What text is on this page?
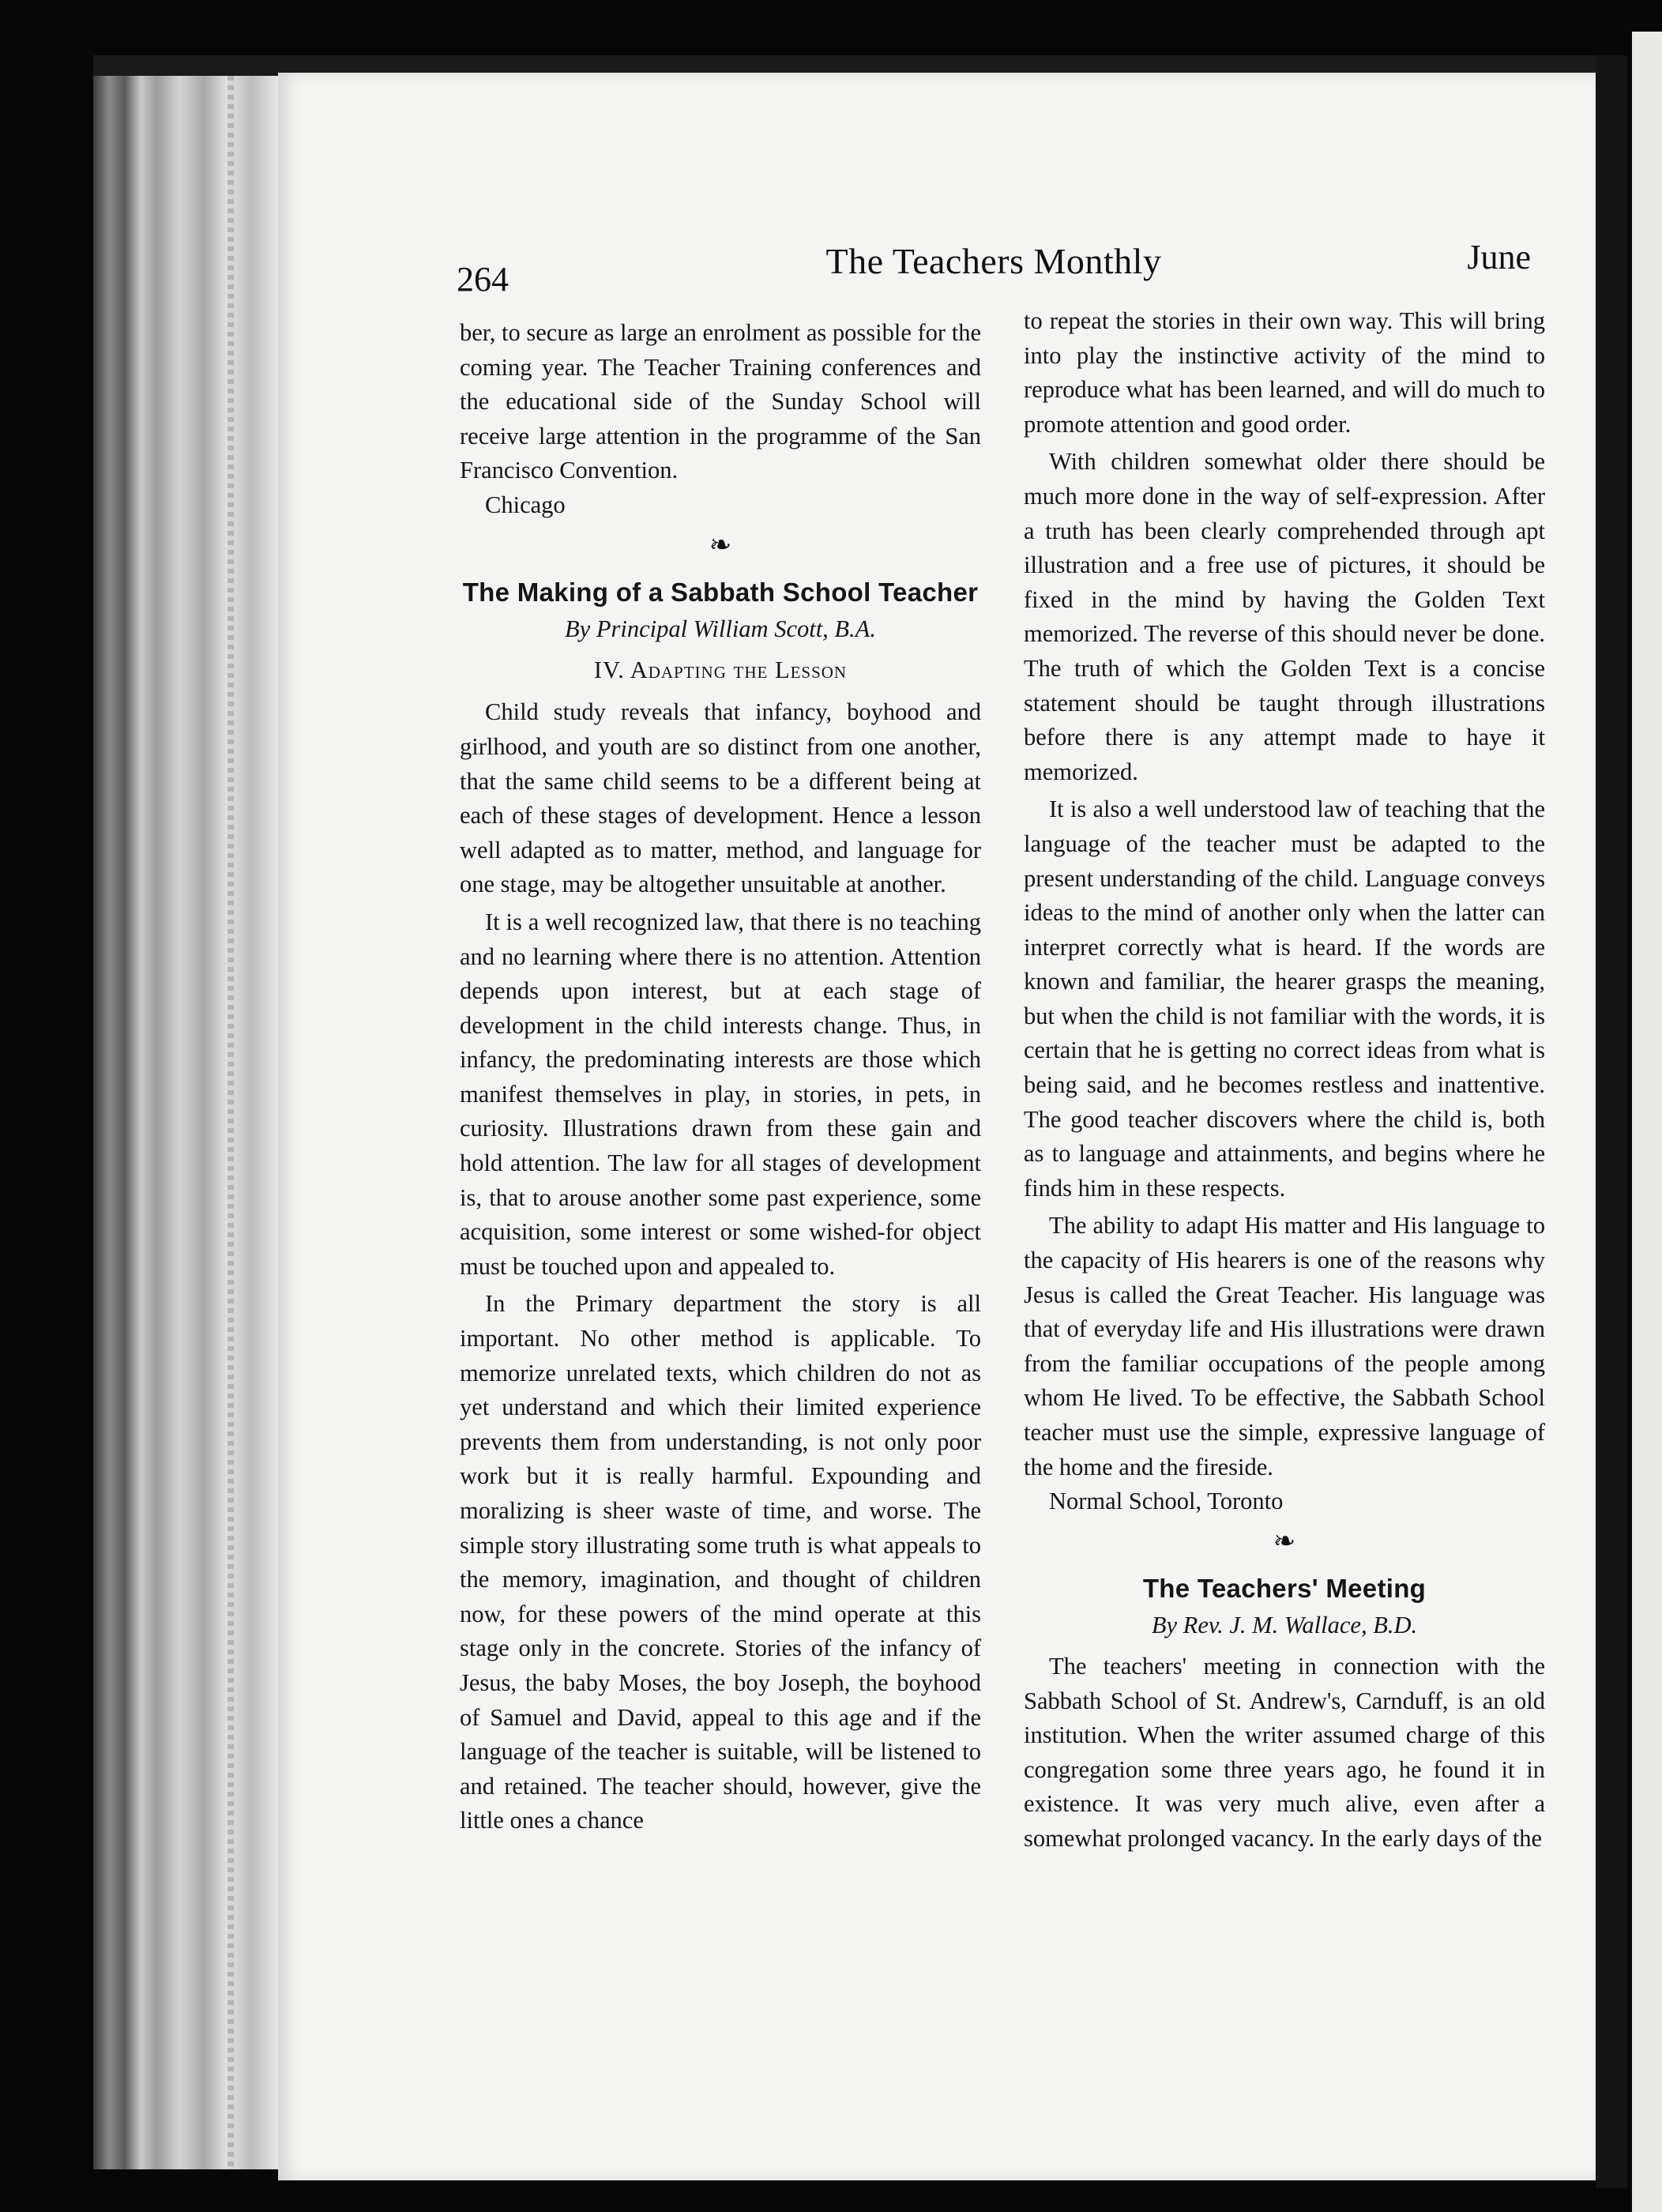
264	The Teachers Monthly	June

ber, to secure as large an enrolment as possible for the coming year. The Teacher Training conferences and the educational side of the Sunday School will receive large attention in the programme of the San Francisco Convention.

Chicago

❧
The Making of a Sabbath School Teacher
By Principal William Scott, B.A.
IV. Adapting the Lesson

Child study reveals that infancy, boyhood and girlhood, and youth are so distinct from one another, that the same child seems to be a different being at each of these stages of development. Hence a lesson well adapted as to matter, method, and language for one stage, may be altogether unsuitable at another.

It is a well recognized law, that there is no teaching and no learning where there is no attention. Attention depends upon interest, but at each stage of development in the child interests change. Thus, in infancy, the predominating interests are those which manifest themselves in play, in stories, in pets, in curiosity. Illustrations drawn from these gain and hold attention. The law for all stages of development is, that to arouse another some past experience, some acquisition, some interest or some wished-for object must be touched upon and appealed to.

In the Primary department the story is all important. No other method is applicable. To memorize unrelated texts, which children do not as yet understand and which their limited experience prevents them from understanding, is not only poor work but it is really harmful. Expounding and moralizing is sheer waste of time, and worse. The simple story illustrating some truth is what appeals to the memory, imagination, and thought of children now, for these powers of the mind operate at this stage only in the concrete. Stories of the infancy of Jesus, the baby Moses, the boy Joseph, the boyhood of Samuel and David, appeal to this age and if the language of the teacher is suitable, will be listened to and retained. The teacher should, however, give the little ones a chance

to repeat the stories in their own way. This will bring into play the instinctive activity of the mind to reproduce what has been learned, and will do much to promote attention and good order.

With children somewhat older there should be much more done in the way of self-expression. After a truth has been clearly comprehended through apt illustration and a free use of pictures, it should be fixed in the mind by having the Golden Text memorized. The reverse of this should never be done. The truth of which the Golden Text is a concise statement should be taught through illustrations before there is any attempt made to haye it memorized.

It is also a well understood law of teaching that the language of the teacher must be adapted to the present understanding of the child. Language conveys ideas to the mind of another only when the latter can interpret correctly what is heard. If the words are known and familiar, the hearer grasps the meaning, but when the child is not familiar with the words, it is certain that he is getting no correct ideas from what is being said, and he becomes restless and inattentive. The good teacher discovers where the child is, both as to language and attainments, and begins where he finds him in these respects.

The ability to adapt His matter and His language to the capacity of His hearers is one of the reasons why Jesus is called the Great Teacher. His language was that of everyday life and His illustrations were drawn from the familiar occupations of the people among whom He lived. To be effective, the Sabbath School teacher must use the simple, expressive language of the home and the fireside.

Normal School, Toronto

❧
The Teachers' Meeting
By Rev. J. M. Wallace, B.D.

The teachers' meeting in connection with the Sabbath School of St. Andrew's, Carnduff, is an old institution. When the writer assumed charge of this congregation some three years ago, he found it in existence. It was very much alive, even after a somewhat prolonged vacancy. In the early days of the
